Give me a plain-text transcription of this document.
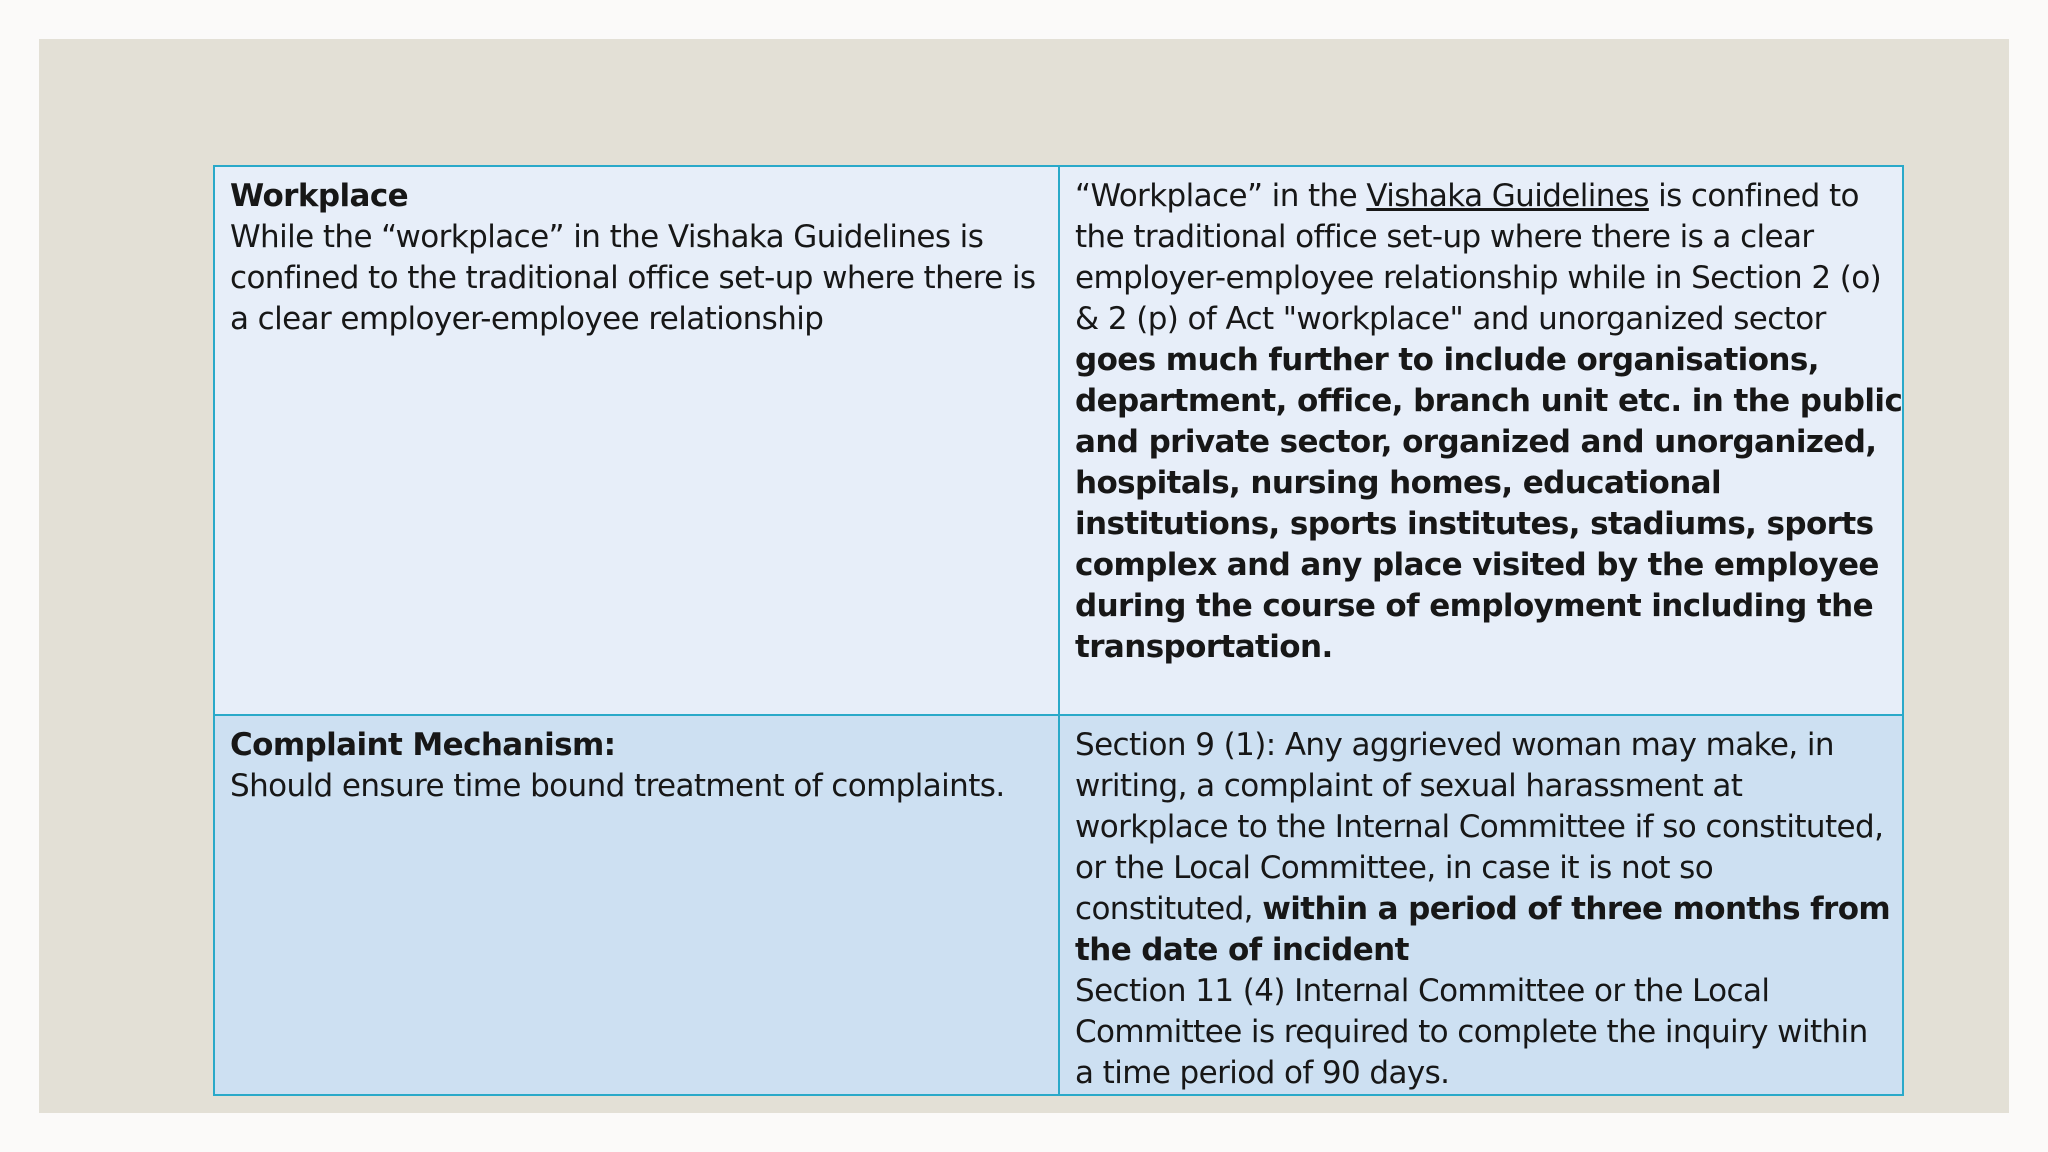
Workplace
While the “workplace” in the Vishaka Guidelines is
confined to the traditional office set-up where there is
a clear employer-employee relationship
“Workplace” in the Vishaka Guidelines is confined to
the traditional office set-up where there is a clear
employer-employee relationship while in Section 2 (o)
& 2 (p) of Act "workplace" and unorganized sector
goes much further to include organisations,
department, office, branch unit etc. in the public
and private sector, organized and unorganized,
hospitals, nursing homes, educational
institutions, sports institutes, stadiums, sports
complex and any place visited by the employee
during the course of employment including the
transportation.
Complaint Mechanism:
Should ensure time bound treatment of complaints.
Section 9 (1): Any aggrieved woman may make, in
writing, a complaint of sexual harassment at
workplace to the Internal Committee if so constituted,
or the Local Committee, in case it is not so
constituted, within a period of three months from
the date of incident
Section 11 (4) Internal Committee or the Local
Committee is required to complete the inquiry within
a time period of 90 days.
